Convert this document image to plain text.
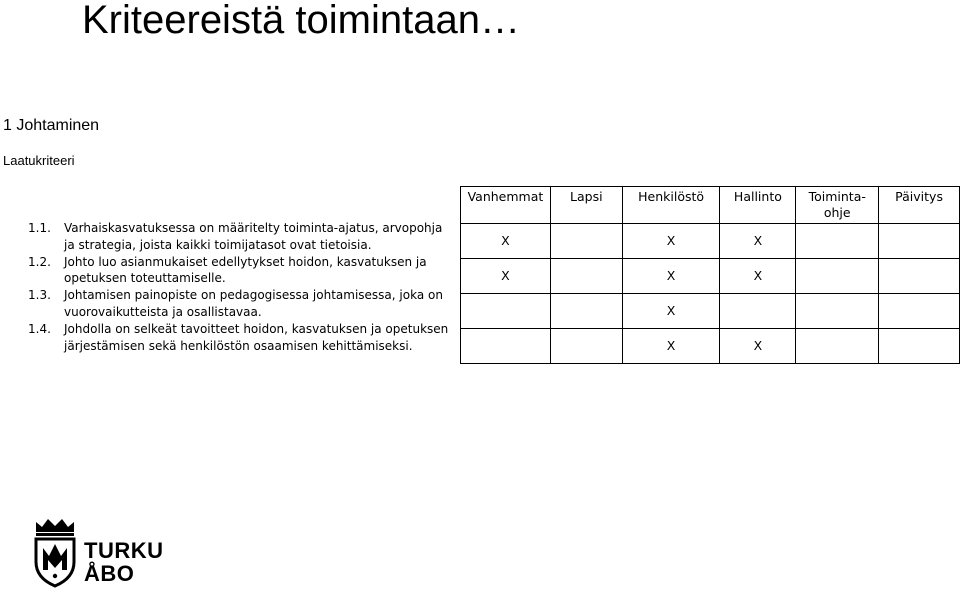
Kriteereistä toimintaan…
1 Johtaminen
Laatukriteeri
1.1.	Varhaiskasvatuksessa on määritelty toiminta-ajatus, arvopohja ja strategia, joista kaikki toimijatasot ovat tietoisia.
1.2.	Johto luo asianmukaiset edellytykset hoidon, kasvatuksen ja opetuksen toteuttamiselle.
1.3.	Johtamisen painopiste on pedagogisessa johtamisessa, joka on vuorovaikutteista ja osallistavaa.
1.4.	Johdolla on selkeät tavoitteet hoidon, kasvatuksen ja opetuksen järjestämisen sekä henkilöstön osaamisen kehittämiseksi.
Vanhemmat	Lapsi	Henkilöstö	Hallinto	Toiminta-ohje	Päivitys
X		X	X		
X		X	X		
		X			
		X	X		
TURKU
ÅBO
